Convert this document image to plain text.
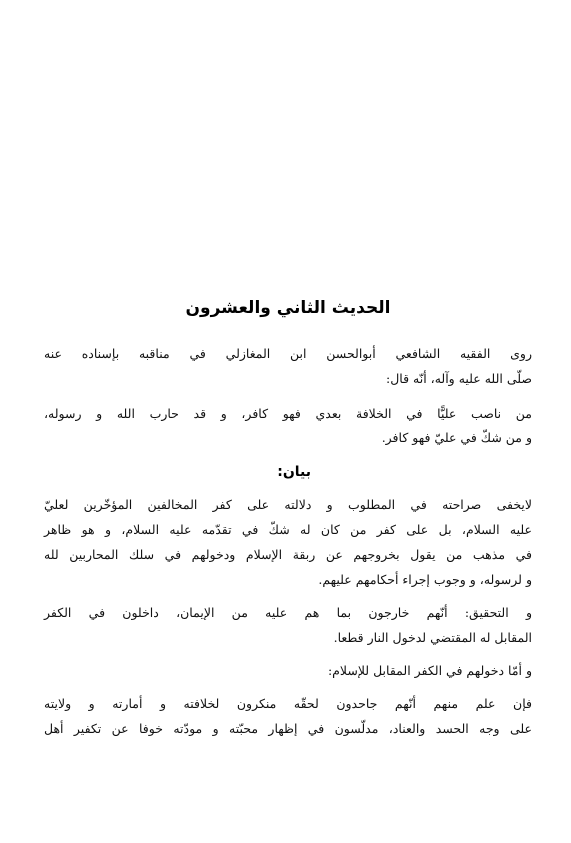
الحديث الثاني والعشرون
روى الفقيه الشافعي أبوالحسن ابن المغازلي في مناقبه بإسناده عنه
صلّى الله عليه وآله، أنّه قال:
من ناصب عليًّا في الخلافة بعدي فهو كافر، و قد حارب الله و رسوله،
و من شكّ في عليّ فهو كافر.
بيان:
لايخفى صراحته في المطلوب و دلالته على كفر المخالفين المؤخّرين لعليّ
عليه السلام، بل على كفر من كان له شكّ في تقدّمه عليه السلام، و هو ظاهر
في مذهب من يقول بخروجهم عن ربقة الإسلام ودخولهم في سلك المحاربين لله
و لرسوله، و وجوب إجراء أحكامهم عليهم.
و التحقيق: أنّهم خارجون بما هم عليه من الإيمان، داخلون في الكفر
المقابل له المقتضي لدخول النار قطعا.
و أمّا دخولهم في الكفر المقابل للإسلام:
فإن علم منهم أنّهم جاحدون لحقّه منكرون لخلافته و أمارته و ولايته
على وجه الحسد والعناد، مدلّسون في إظهار محبّته و مودّته خوفا عن تكفير أهل
